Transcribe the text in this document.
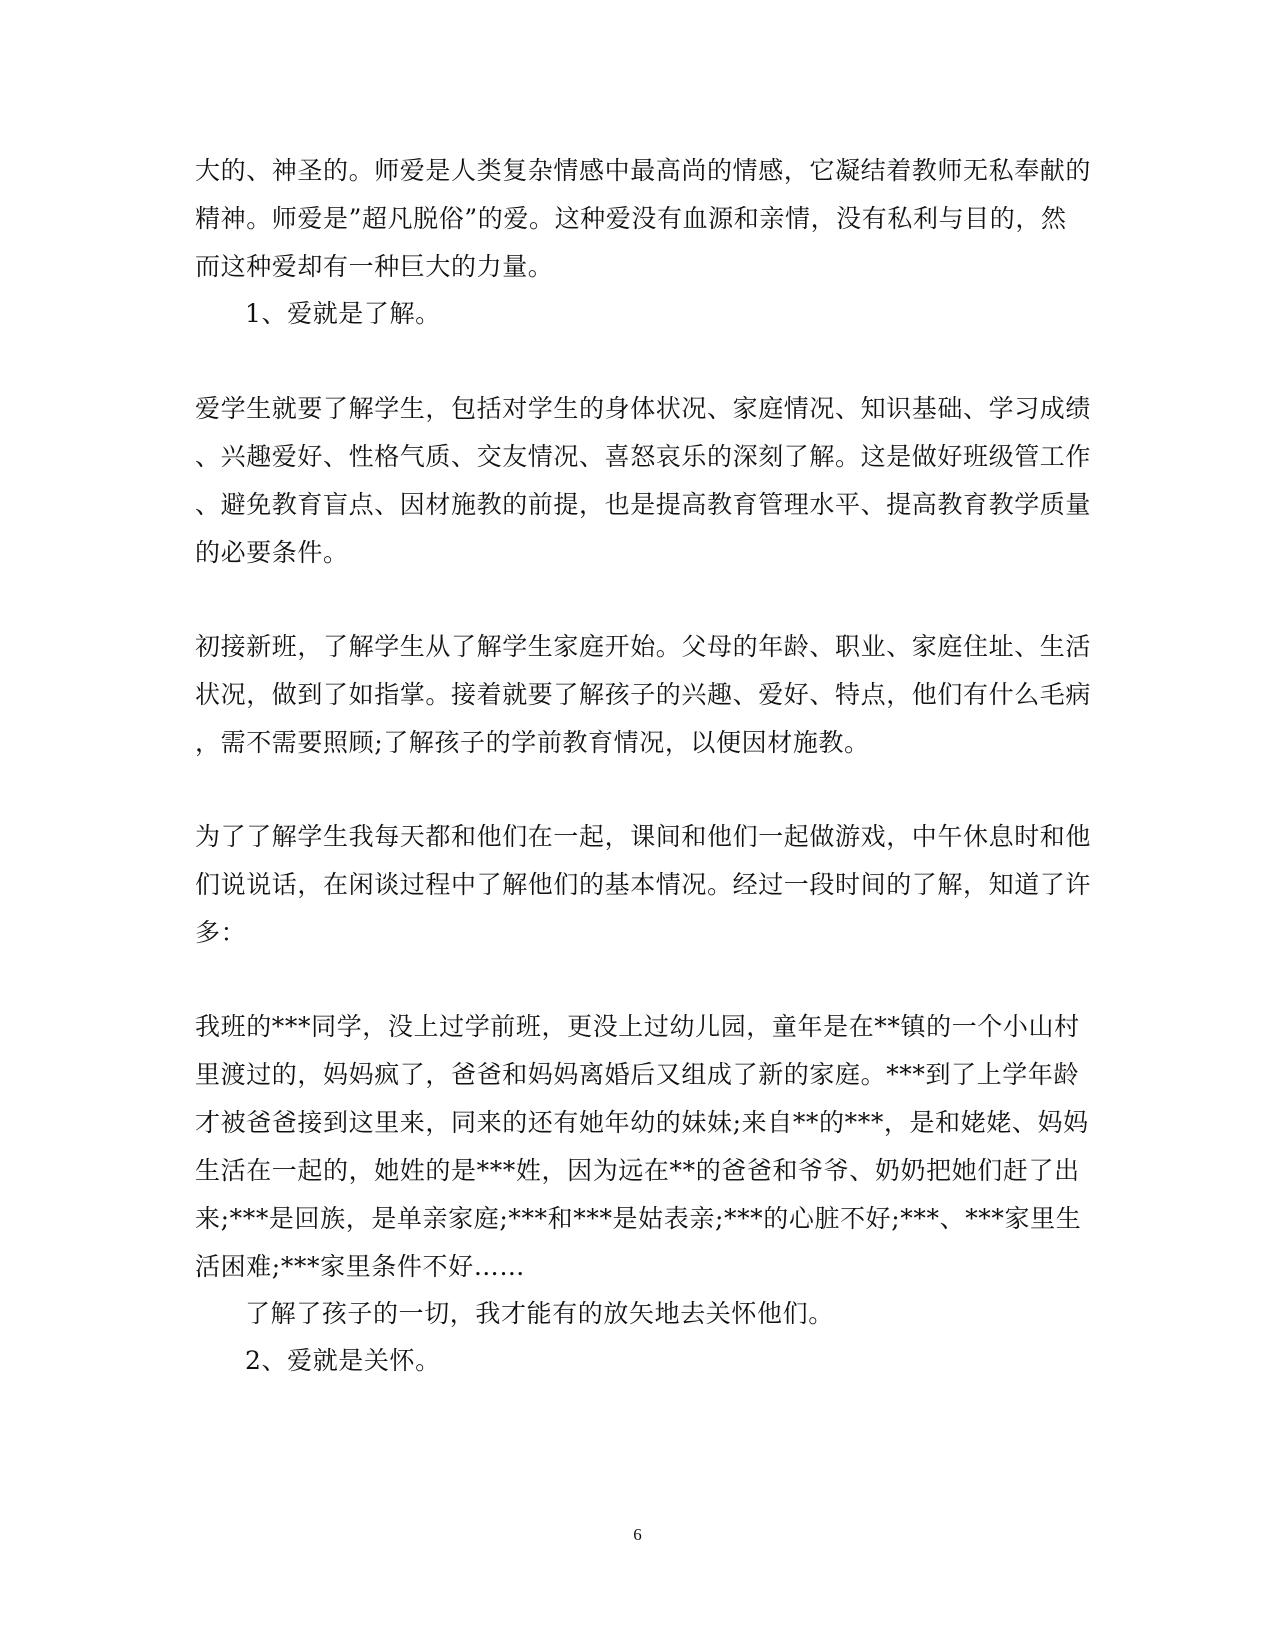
大的、神圣的。师爱是人类复杂情感中最高尚的情感，它凝结着教师无私奉献的
精神。师爱是”超凡脱俗”的爱。这种爱没有血源和亲情，没有私利与目的，然
而这种爱却有一种巨大的力量。
1、爱就是了解。
爱学生就要了解学生，包括对学生的身体状况、家庭情况、知识基础、学习成绩
、兴趣爱好、性格气质、交友情况、喜怒哀乐的深刻了解。这是做好班级管工作
、避免教育盲点、因材施教的前提，也是提高教育管理水平、提高教育教学质量
的必要条件。
初接新班，了解学生从了解学生家庭开始。父母的年龄、职业、家庭住址、生活
状况，做到了如指掌。接着就要了解孩子的兴趣、爱好、特点，他们有什么毛病
，需不需要照顾;了解孩子的学前教育情况，以便因材施教。
为了了解学生我每天都和他们在一起，课间和他们一起做游戏，中午休息时和他
们说说话，在闲谈过程中了解他们的基本情况。经过一段时间的了解，知道了许
多：
我班的***同学，没上过学前班，更没上过幼儿园，童年是在**镇的一个小山村
里渡过的，妈妈疯了，爸爸和妈妈离婚后又组成了新的家庭。***到了上学年龄
才被爸爸接到这里来，同来的还有她年幼的妹妹;来自**的***，是和姥姥、妈妈
生活在一起的，她姓的是***姓，因为远在**的爸爸和爷爷、奶奶把她们赶了出
来;***是回族，是单亲家庭;***和***是姑表亲;***的心脏不好;***、***家里生
活困难;***家里条件不好……
了解了孩子的一切，我才能有的放矢地去关怀他们。
2、爱就是关怀。
6
